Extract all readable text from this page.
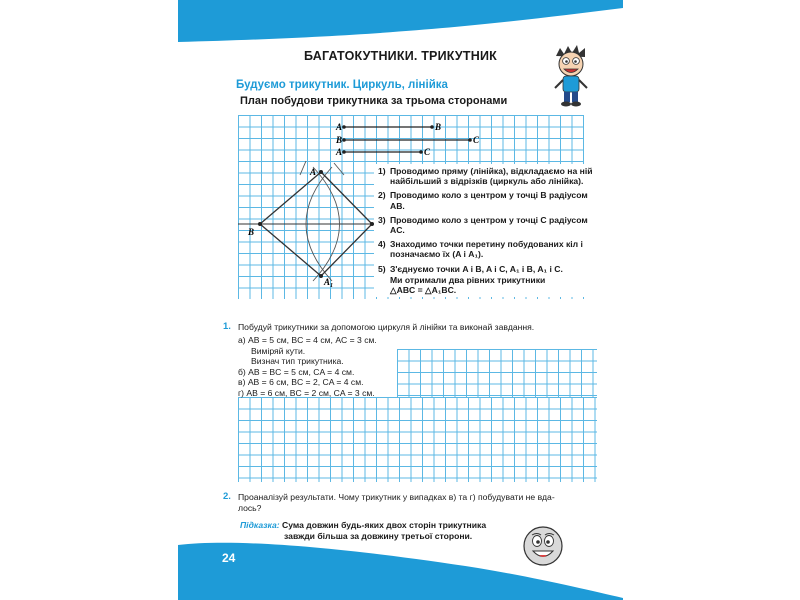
БАГАТОКУТНИКИ. ТРИКУТНИК
Будуємо трикутник. Циркуль, лінійка
План побудови трикутника за трьома сторонами
A	B
B	C
A	C
A
B
$A_1$
1) Проводимо пряму (лінійка), відкладаємо на ній найбільший з відрізків (циркуль або лінійка).
2) Проводимо коло з центром у точці B радіусом AB.
3) Проводимо коло з центром у точці C радіусом AC.
4) Знаходимо точки перетину побудованих кіл і позначаємо їх (A і A₁).
5) З'єднуємо точки A і B, A і C, A₁ і B, A₁ і C.
Ми отримали два рівних трикутники
△ABC = △A₁BC.
1. Побудуй трикутники за допомогою циркуля й лінійки та виконай завдання.
а) AB = 5 см, BC = 4 см, AC = 3 см.
Виміряй кути.
Визнач тип трикутника.
б) AB = BC = 5 см, CA = 4 см.
в) AB = 6 см, BC = 2, CA = 4 см.
г) AB = 6 см, BC = 2 см, CA = 3 см.
2. Проаналізуй результати. Чому трикутник у випадках в) та г) побудувати не вда-
лось?
Підказка: Сума довжин будь-яких двох сторін трикутника
завжди більша за довжину третьої сторони.
24
